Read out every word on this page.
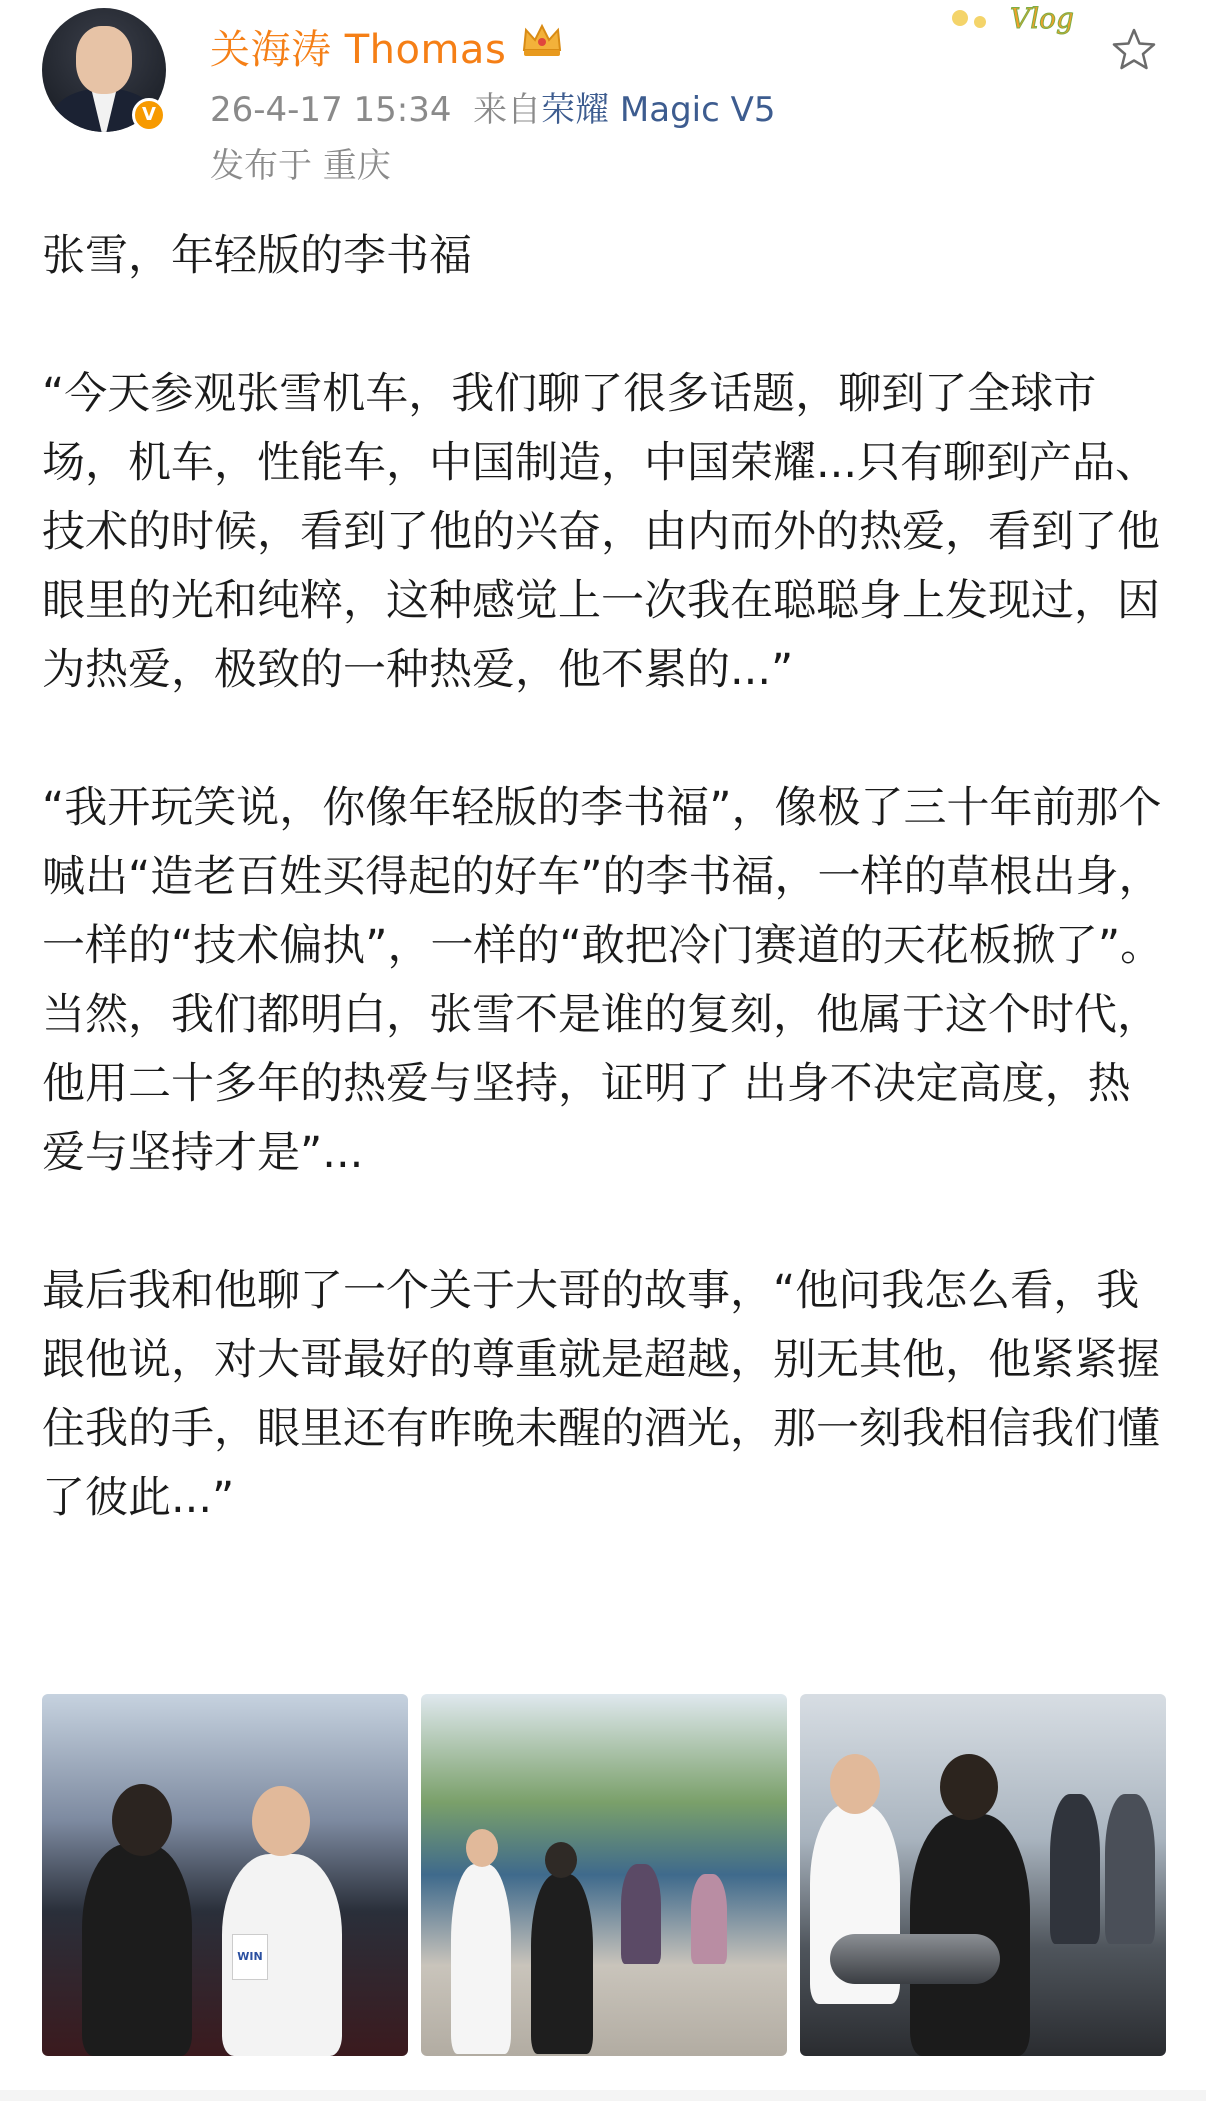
V
关海涛 Thomas
26-4-17 15:34 来自荣耀 Magic V5
发布于 重庆
Vlog

张雪，年轻版的李书福

“今天参观张雪机车，我们聊了很多话题，聊到了全球市场，机车，性能车，中国制造，中国荣耀...只有聊到产品、技术的时候，看到了他的兴奋，由内而外的热爱，看到了他眼里的光和纯粹，这种感觉上一次我在聪聪身上发现过，因为热爱，极致的一种热爱，他不累的...”

“我开玩笑说，你像年轻版的李书福”，像极了三十年前那个喊出“造老百姓买得起的好车”的李书福，一样的草根出身，一样的“技术偏执”，一样的“敢把冷门赛道的天花板掀了”。

当然，我们都明白，张雪不是谁的复刻，他属于这个时代，他用二十多年的热爱与坚持，证明了 出身不决定高度，热爱与坚持才是”...

最后我和他聊了一个关于大哥的故事，“他问我怎么看，我跟他说，对大哥最好的尊重就是超越，别无其他，他紧紧握住我的手，眼里还有昨晚未醒的酒光，那一刻我相信我们懂了彼此...”

WIN
